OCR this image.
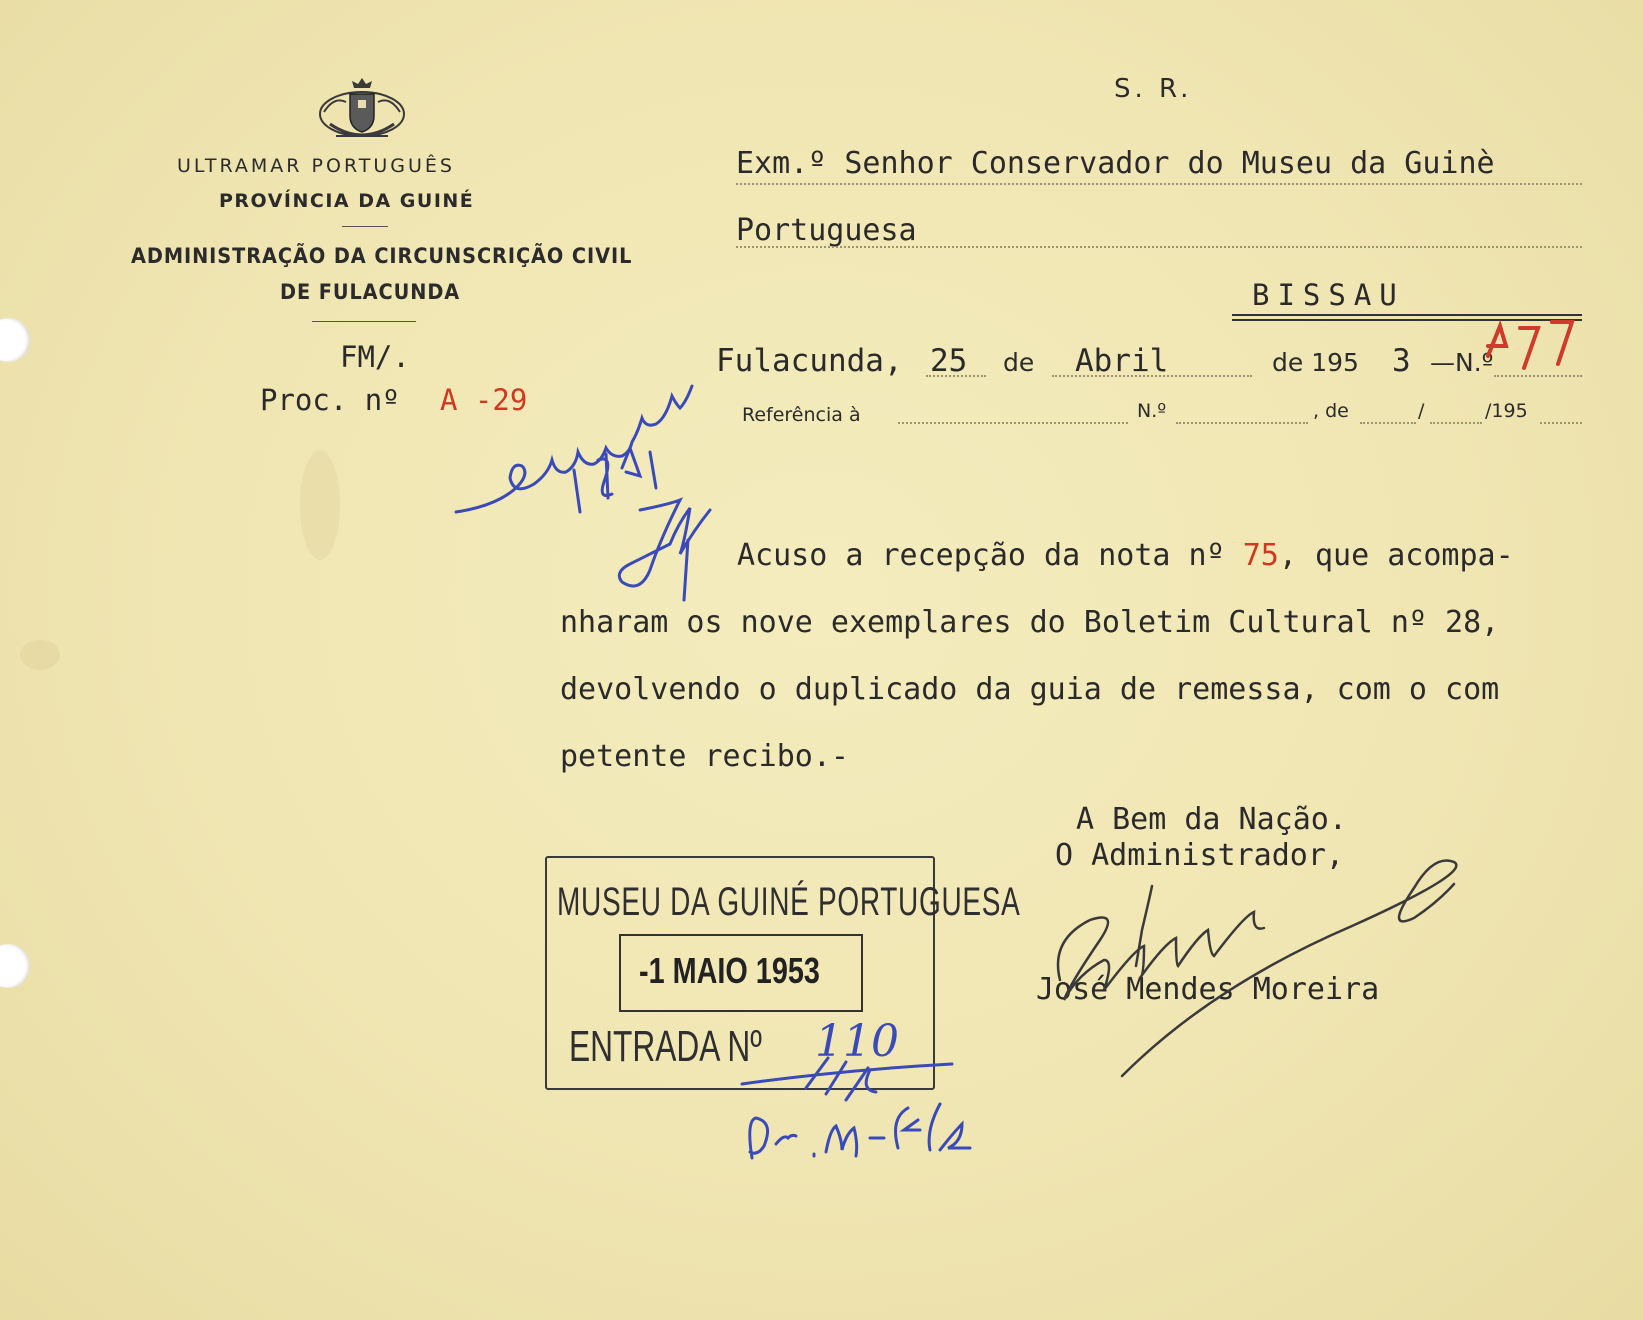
ULTRAMAR PORTUGUÊS
PROVÍNCIA DA GUINÉ
ADMINISTRAÇÃO DA CIRCUNSCRIÇÃO CIVIL
DE FULACUNDA
FM/.
Proc. nº A -29
S. R.
Exm.º Senhor Conservador do Museu da Guinè
Portuguesa
BISSAU
Fulacunda, 25 de Abril	de 195 3 —N.º
Referência à	N.º	, de	/	/195
Acuso a recepção da nota nº 75, que acompa-
nharam os nove exemplares do Boletim Cultural nº 28,
devolvendo o duplicado da guia de remessa, com o com
petente recibo.-
A Bem da Nação.
O Administrador,
José Mendes Moreira
MUSEU DA GUINÉ PORTUGUESA
-1 MAIO 1953
ENTRADA Nº 110
